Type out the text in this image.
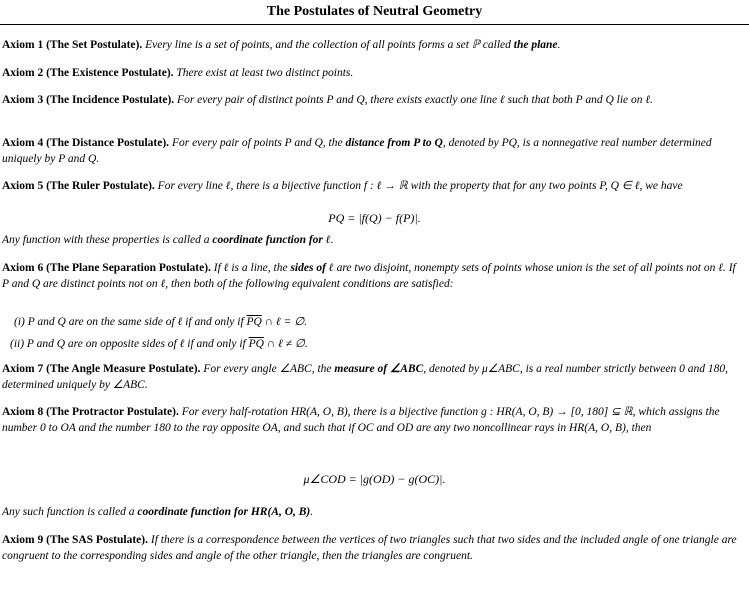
The Postulates of Neutral Geometry
Axiom 1 (The Set Postulate). Every line is a set of points, and the collection of all points forms a set ℙ called the plane.
Axiom 2 (The Existence Postulate). There exist at least two distinct points.
Axiom 3 (The Incidence Postulate). For every pair of distinct points P and Q, there exists exactly one line ℓ such that both P and Q lie on ℓ.
Axiom 4 (The Distance Postulate). For every pair of points P and Q, the distance from P to Q, denoted by PQ, is a nonnegative real number determined uniquely by P and Q.
Axiom 5 (The Ruler Postulate). For every line ℓ, there is a bijective function f : ℓ → ℝ with the property that for any two points P, Q ∈ ℓ, we have
PQ = |f(Q) − f(P)|.
Any function with these properties is called a coordinate function for ℓ.
Axiom 6 (The Plane Separation Postulate). If ℓ is a line, the sides of ℓ are two disjoint, nonempty sets of points whose union is the set of all points not on ℓ. If P and Q are distinct points not on ℓ, then both of the following equivalent conditions are satisfied:
(i) P and Q are on the same side of ℓ if and only if $\overline{PQ}$ ∩ ℓ = ∅.
(ii) P and Q are on opposite sides of ℓ if and only if $\overline{PQ}$ ∩ ℓ ≠ ∅.
Axiom 7 (The Angle Measure Postulate). For every angle ∠ABC, the measure of ∠ABC, denoted by μ∠ABC, is a real number strictly between 0 and 180, determined uniquely by ∠ABC.
Axiom 8 (The Protractor Postulate). For every half-rotation HR(A, O, B), there is a bijective function g : HR(A, O, B) → [0, 180] ⊆ ℝ, which assigns the number 0 to OA and the number 180 to the ray opposite OA, and such that if OC and OD are any two noncollinear rays in HR(A, O, B), then
μ∠COD = |g(OD) − g(OC)|.
Any such function is called a coordinate function for HR(A, O, B).
Axiom 9 (The SAS Postulate). If there is a correspondence between the vertices of two triangles such that two sides and the included angle of one triangle are congruent to the corresponding sides and angle of the other triangle, then the triangles are congruent.
